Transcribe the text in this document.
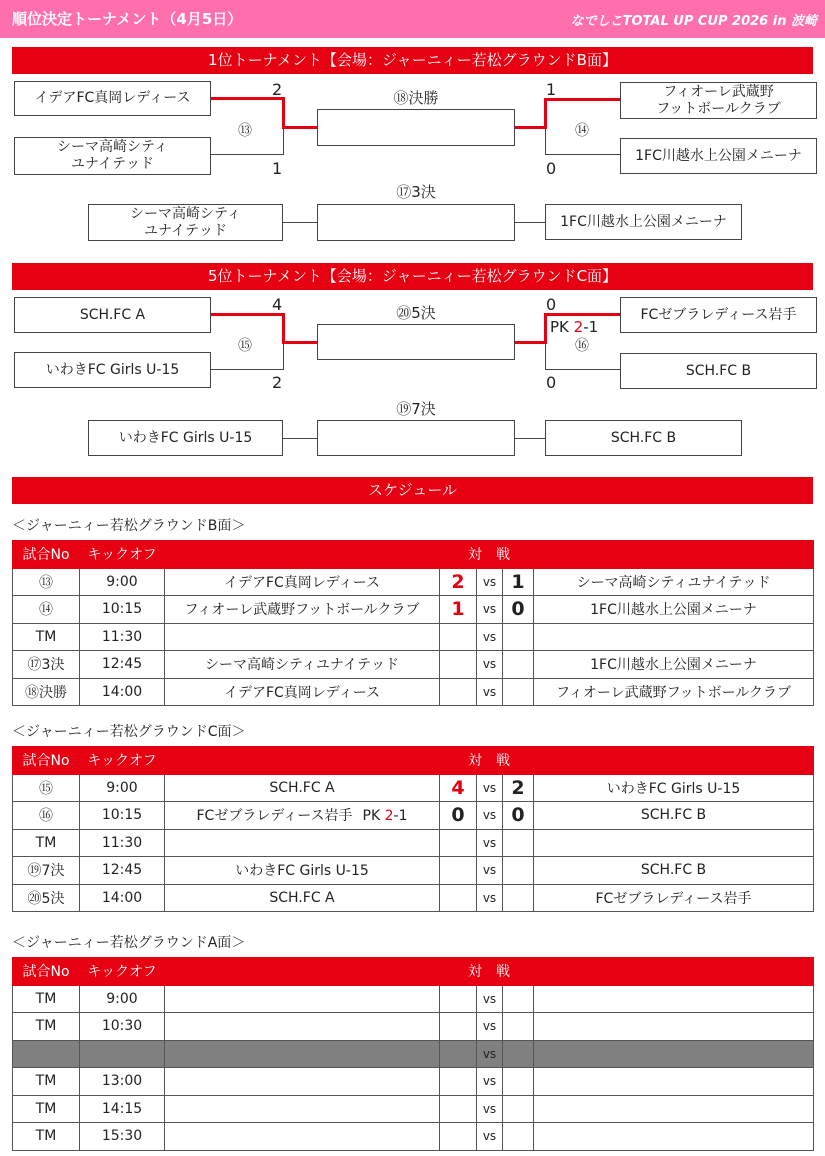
順位決定トーナメント（4月5日）	なでしこTOTAL UP CUP 2026 in 波崎
1位トーナメント【会場：ジャーニィー若松グラウンドB面】
イデアFC真岡レディース
シーマ高崎シティ
ユナイテッド
フィオーレ武蔵野
フットボールクラブ
1FC川越水上公園メニーナ
2
1
1
0
⑬	⑭
⑱決勝
⑰3決
シーマ高崎シティ
ユナイテッド
1FC川越水上公園メニーナ
5位トーナメント【会場：ジャーニィー若松グラウンドC面】
SCH.FC A
いわきFC Girls U-15
FCゼブラレディース岩手
SCH.FC B
4
2
0
0
PK 2-1
⑮	⑯
⑳5決
⑲7決
いわきFC Girls U-15	SCH.FC B
スケジュール
＜ジャーニィー若松グラウンドB面＞
試合No	キックオフ	対　戦				
⑬	9:00	イデアFC真岡レディース	2	vs	1	シーマ高崎シティユナイテッド
⑭	10:15	フィオーレ武蔵野フットボールクラブ	1	vs	0	1FC川越水上公園メニーナ
TM	11:30			vs		
⑰3決	12:45	シーマ高崎シティユナイテッド		vs		1FC川越水上公園メニーナ
⑱決勝	14:00	イデアFC真岡レディース		vs		フィオーレ武蔵野フットボールクラブ
＜ジャーニィー若松グラウンドC面＞
試合No	キックオフ	対　戦				
⑮	9:00	SCH.FC A	4	vs	2	いわきFC Girls U-15
⑯	10:15	FCゼブラレディース岩手 PK 2-1	0	vs	0	SCH.FC B
TM	11:30			vs		
⑲7決	12:45	いわきFC Girls U-15		vs		SCH.FC B
⑳5決	14:00	SCH.FC A		vs		FCゼブラレディース岩手
＜ジャーニィー若松グラウンドA面＞
試合No	キックオフ	対　戦				
TM	9:00			vs		
TM	10:30			vs		
				vs		
TM	13:00			vs		
TM	14:15			vs		
TM	15:30			vs		
